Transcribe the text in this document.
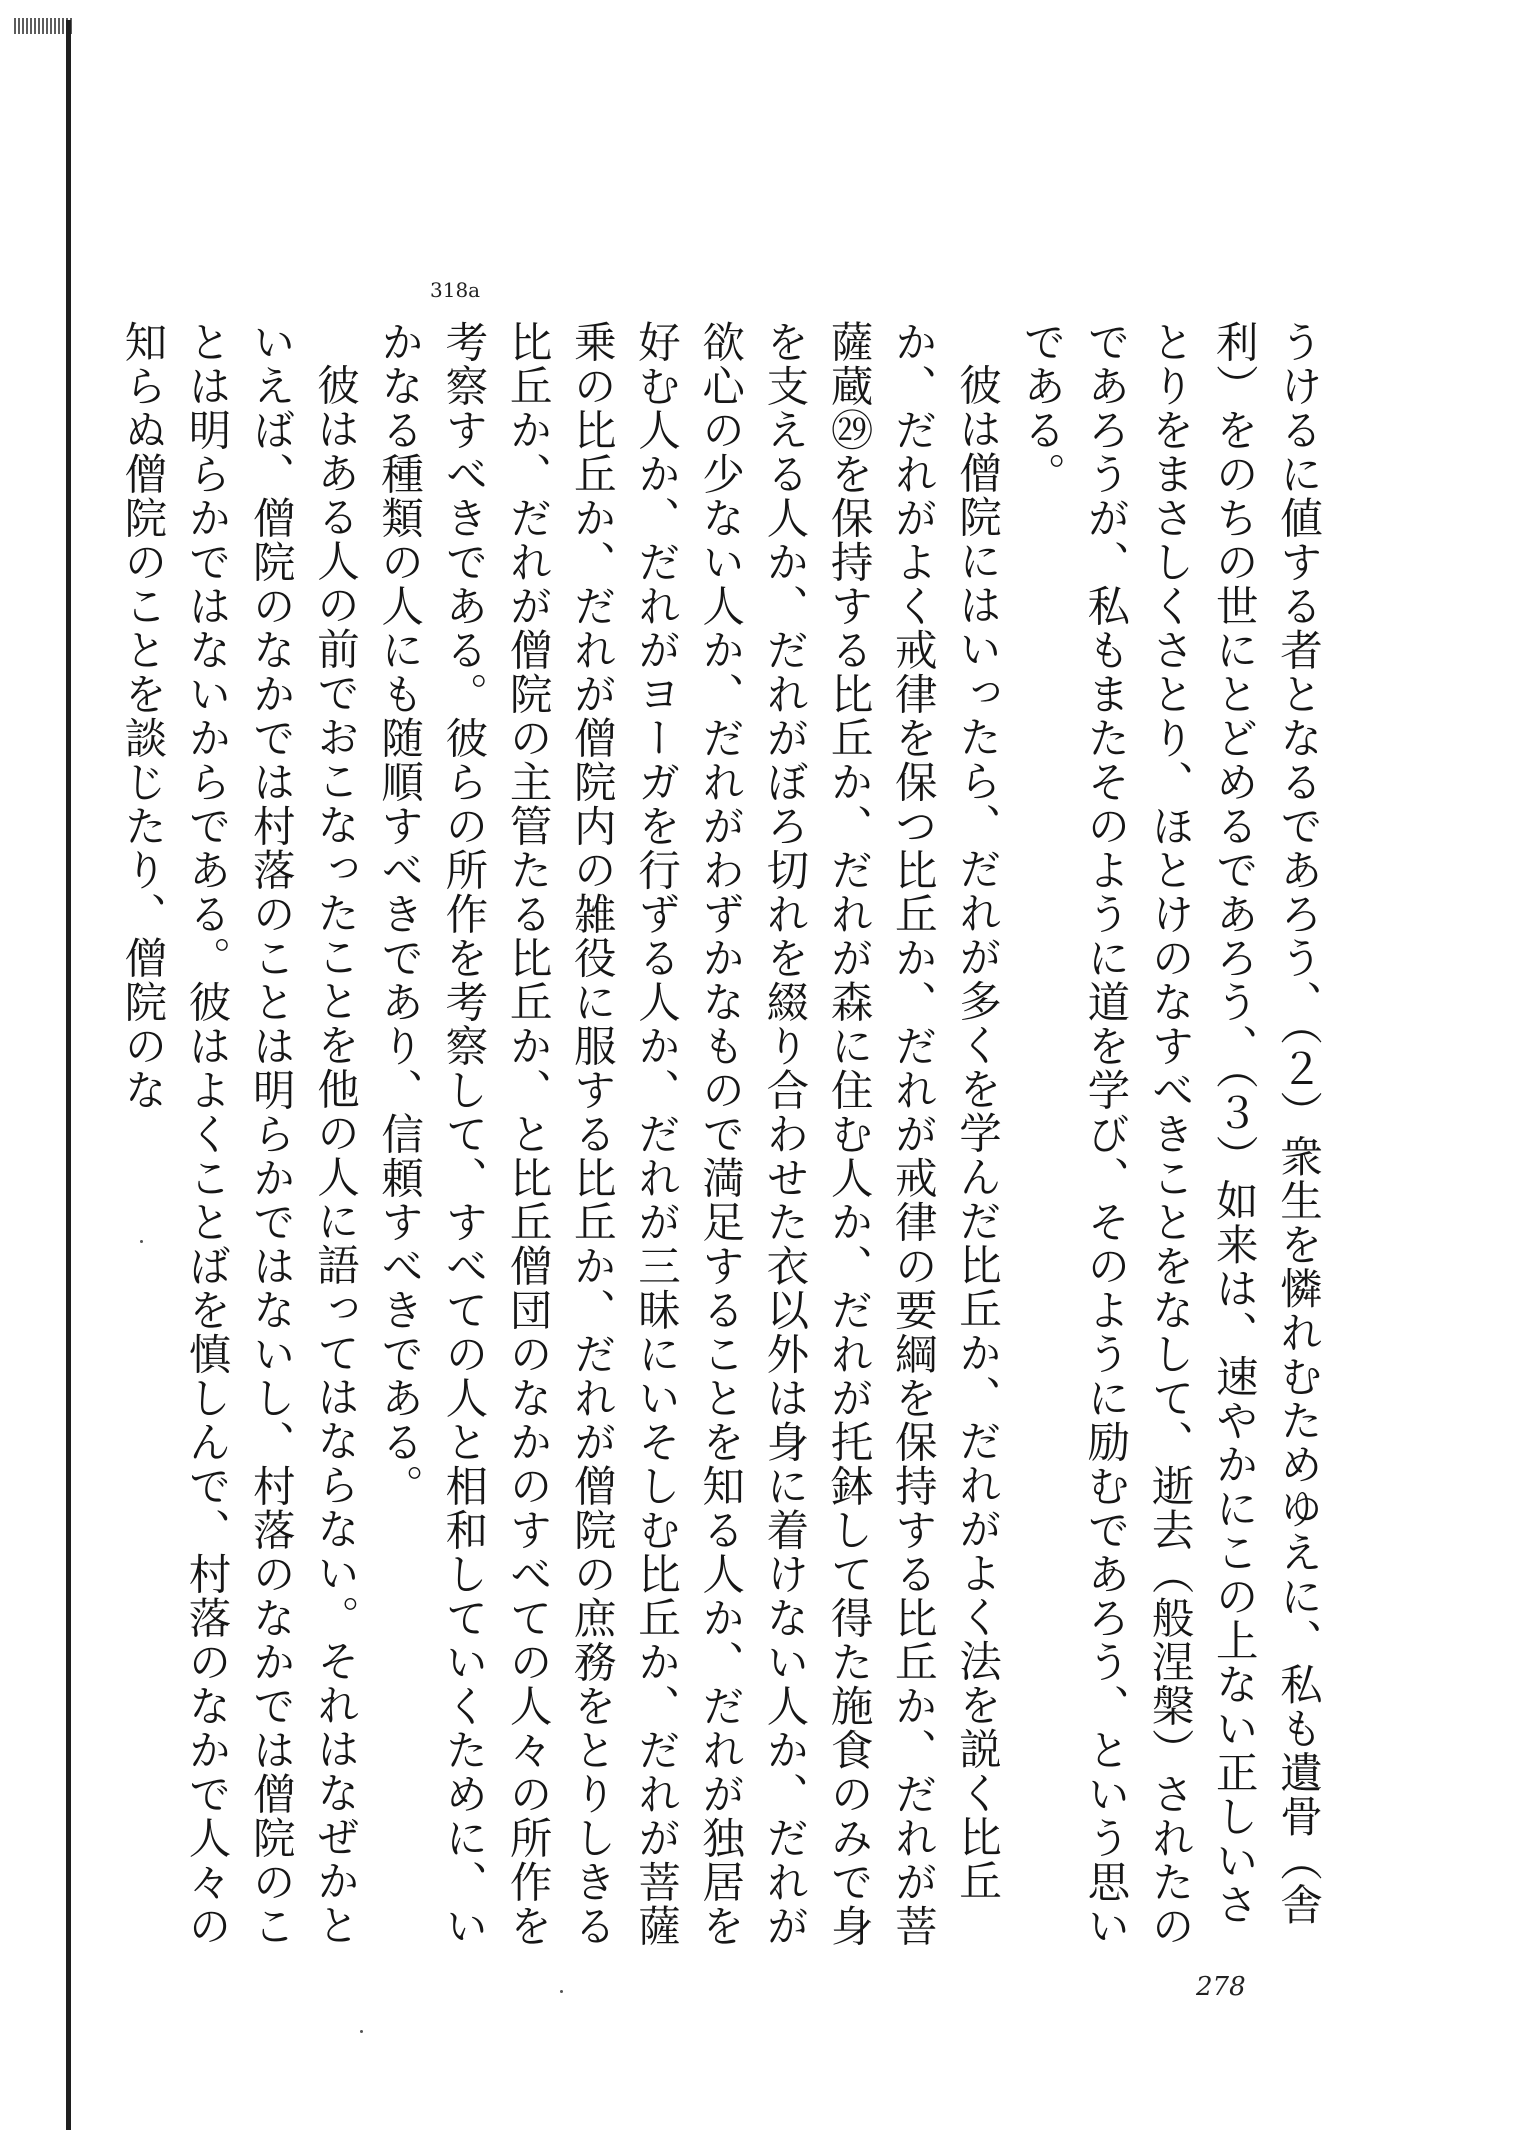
318a

うけるに値する者となるであろう、（２）衆生を憐れむためゆえに、私も遺骨（舎利）をのちの世にとどめるであろう、（３）如来は、速やかにこの上ない正しいさとりをまさしくさとり、ほとけのなすべきことをなして、逝去（般涅槃）されたのであろうが、私もまたそのように道を学び、そのように励むであろう、という思いである。

彼は僧院にはいったら、だれが多くを学んだ比丘か、だれがよく法を説く比丘か、だれがよく戒律を保つ比丘か、だれが戒律の要綱を保持する比丘か、だれが菩薩蔵㉙を保持する比丘か、だれが森に住む人か、だれが托鉢して得た施食のみで身を支える人か、だれがぼろ切れを綴り合わせた衣以外は身に着けない人か、だれが欲心の少ない人か、だれがわずかなもので満足することを知る人か、だれが独居を好む人か、だれがヨーガを行ずる人か、だれが三昧にいそしむ比丘か、だれが菩薩乗の比丘か、だれが僧院内の雑役に服する比丘か、だれが僧院の庶務をとりしきる比丘か、だれが僧院の主管たる比丘か、と比丘僧団のなかのすべての人々の所作を考察すべきである。彼らの所作を考察して、すべての人と相和していくために、いかなる種類の人にも随順すべきであり、信頼すべきである。

彼はある人の前でおこなったことを他の人に語ってはならない。それはなぜかといえば、僧院のなかでは村落のことは明らかではないし、村落のなかでは僧院のことは明らかではないからである。彼はよくことばを慎しんで、村落のなかで人々の知らぬ僧院のことを談じたり、僧院のな

278
